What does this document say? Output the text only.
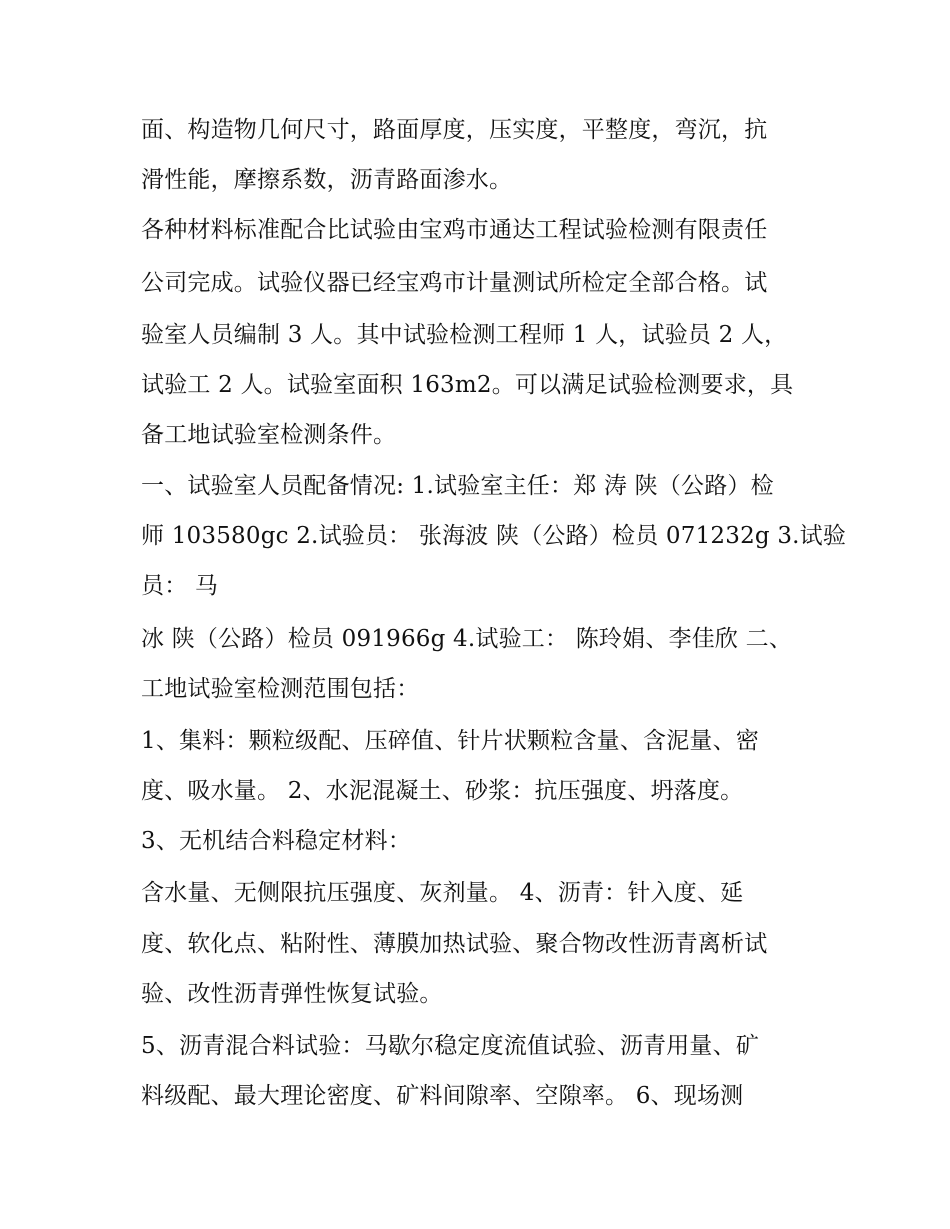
面、构造物几何尺寸，路面厚度，压实度，平整度，弯沉，抗
滑性能，摩擦系数，沥青路面渗水。
各种材料标准配合比试验由宝鸡市通达工程试验检测有限责任
公司完成。试验仪器已经宝鸡市计量测试所检定全部合格。试
验室人员编制 3 人。其中试验检测工程师 1 人，试验员 2 人，
试验工 2 人。试验室面积 163m2。可以满足试验检测要求，具
备工地试验室检测条件。
一、试验室人员配备情况: 1.试验室主任：郑 涛 陕（公路）检
师 103580gc 2.试验员： 张海波 陕（公路）检员 071232g 3.试验
员： 马
冰 陕（公路）检员 091966g 4.试验工： 陈玲娟、李佳欣 二、
工地试验室检测范围包括：
1、集料：颗粒级配、压碎值、针片状颗粒含量、含泥量、密
度、吸水量。 2、水泥混凝土、砂浆：抗压强度、坍落度。
3、无机结合料稳定材料：
含水量、无侧限抗压强度、灰剂量。 4、沥青：针入度、延
度、软化点、粘附性、薄膜加热试验、聚合物改性沥青离析试
验、改性沥青弹性恢复试验。
5、沥青混合料试验：马歇尔稳定度流值试验、沥青用量、矿
料级配、最大理论密度、矿料间隙率、空隙率。 6、现场测
